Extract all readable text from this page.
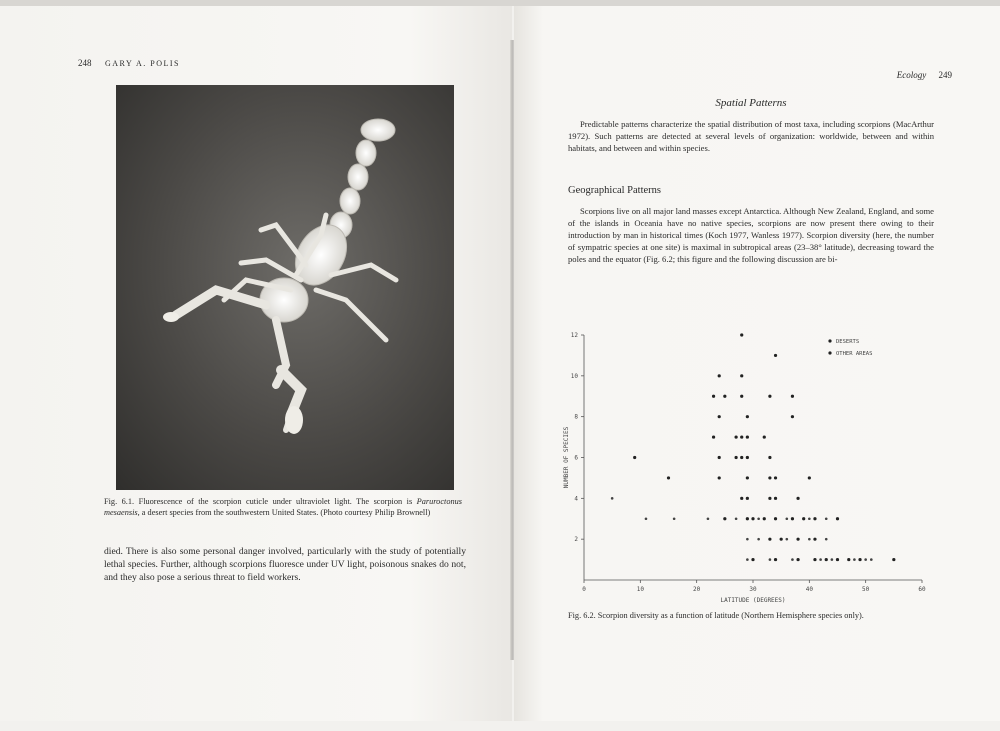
248 GARY A. POLIS
Fig. 6.1. Fluorescence of the scorpion cuticle under ultraviolet light. The scorpion is Paruroctonus mesaensis, a desert species from the southwestern United States. (Photo courtesy Philip Brownell)
died. There is also some personal danger involved, particularly with the study of potentially lethal species. Further, although scorpions fluoresce under UV light, poisonous snakes do not, and they also pose a serious threat to field workers.
Ecology 249
Spatial Patterns
Predictable patterns characterize the spatial distribution of most taxa, including scorpions (MacArthur 1972). Such patterns are detected at several levels of organization: worldwide, between and within habitats, and between and within species.
Geographical Patterns
Scorpions live on all major land masses except Antarctica. Although New Zealand, England, and some of the islands in Oceania have no native species, scorpions are now present there owing to their introduction by man in historical times (Koch 1977, Wanless 1977). Scorpion diversity (here, the number of sympatric species at one site) is maximal in subtropical areas (23–38° latitude), decreasing toward the poles and the equator (Fig. 6.2; this figure and the following discussion are bi-
0	10	20	30	40	50	60
2
4
6
8
10
12
LATITUDE (DEGREES)
NUMBER OF SPECIES
DESERTS
OTHER AREAS
Fig. 6.2. Scorpion diversity as a function of latitude (Northern Hemisphere species only).
